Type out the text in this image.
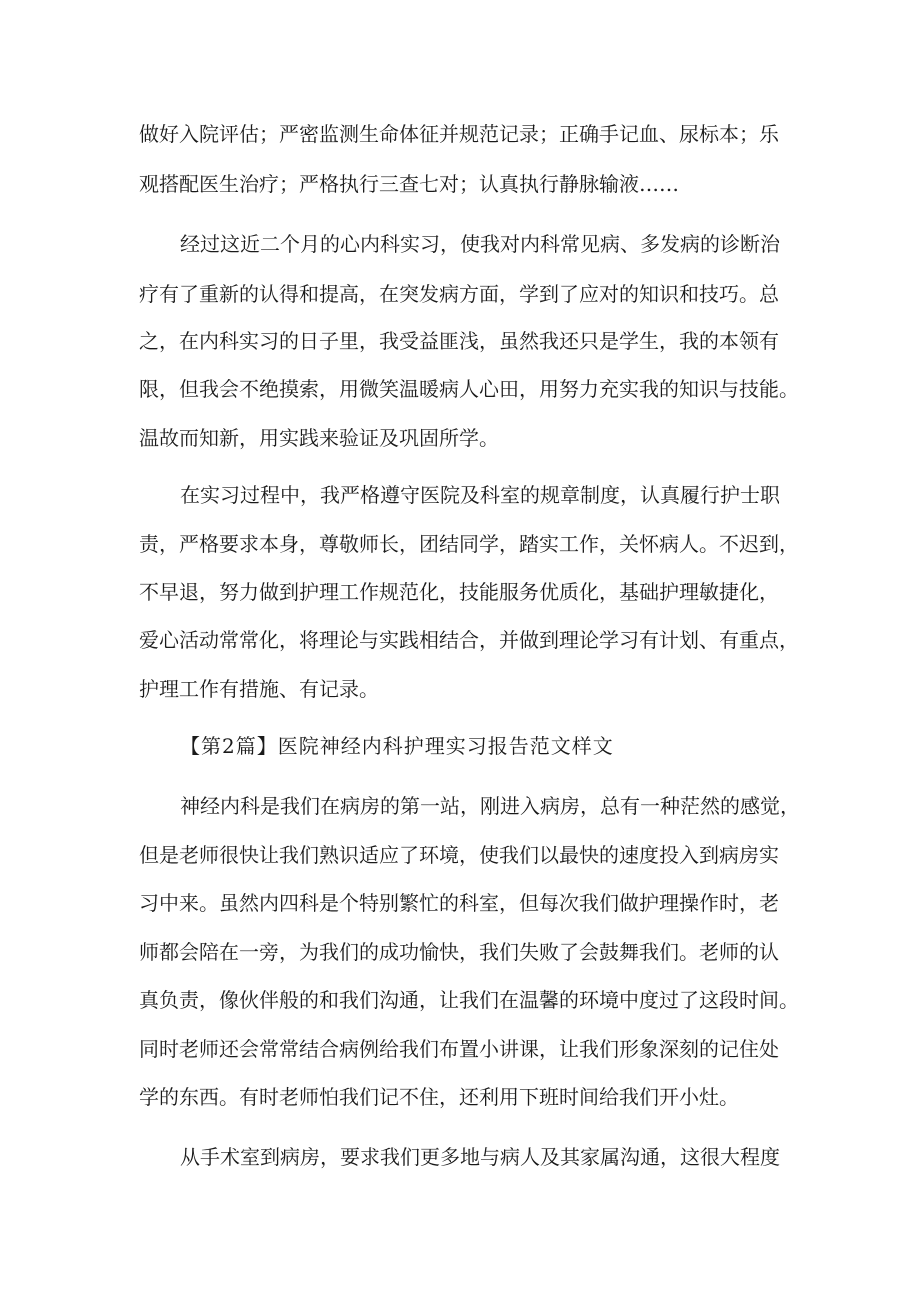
做好入院评估；严密监测生命体征并规范记录；正确手记血、尿标本；乐

观搭配医生治疗；严格执行三查七对；认真执行静脉输液……

经过这近二个月的心内科实习，使我对内科常见病、多发病的诊断治

疗有了重新的认得和提高，在突发病方面，学到了应对的知识和技巧。总

之，在内科实习的日子里，我受益匪浅，虽然我还只是学生，我的本领有

限，但我会不绝摸索，用微笑温暖病人心田，用努力充实我的知识与技能。

温故而知新，用实践来验证及巩固所学。

在实习过程中，我严格遵守医院及科室的规章制度，认真履行护士职

责，严格要求本身，尊敬师长，团结同学，踏实工作，关怀病人。不迟到，

不早退，努力做到护理工作规范化，技能服务优质化，基础护理敏捷化，

爱心活动常常化，将理论与实践相结合，并做到理论学习有计划、有重点，

护理工作有措施、有记录。

【第2篇】医院神经内科护理实习报告范文样文

神经内科是我们在病房的第一站，刚进入病房，总有一种茫然的感觉，

但是老师很快让我们熟识适应了环境，使我们以最快的速度投入到病房实

习中来。虽然内四科是个特别繁忙的科室，但每次我们做护理操作时，老

师都会陪在一旁，为我们的成功愉快，我们失败了会鼓舞我们。老师的认

真负责，像伙伴般的和我们沟通，让我们在温馨的环境中度过了这段时间。

同时老师还会常常结合病例给我们布置小讲课，让我们形象深刻的记住处

学的东西。有时老师怕我们记不住，还利用下班时间给我们开小灶。

从手术室到病房，要求我们更多地与病人及其家属沟通，这很大程度
